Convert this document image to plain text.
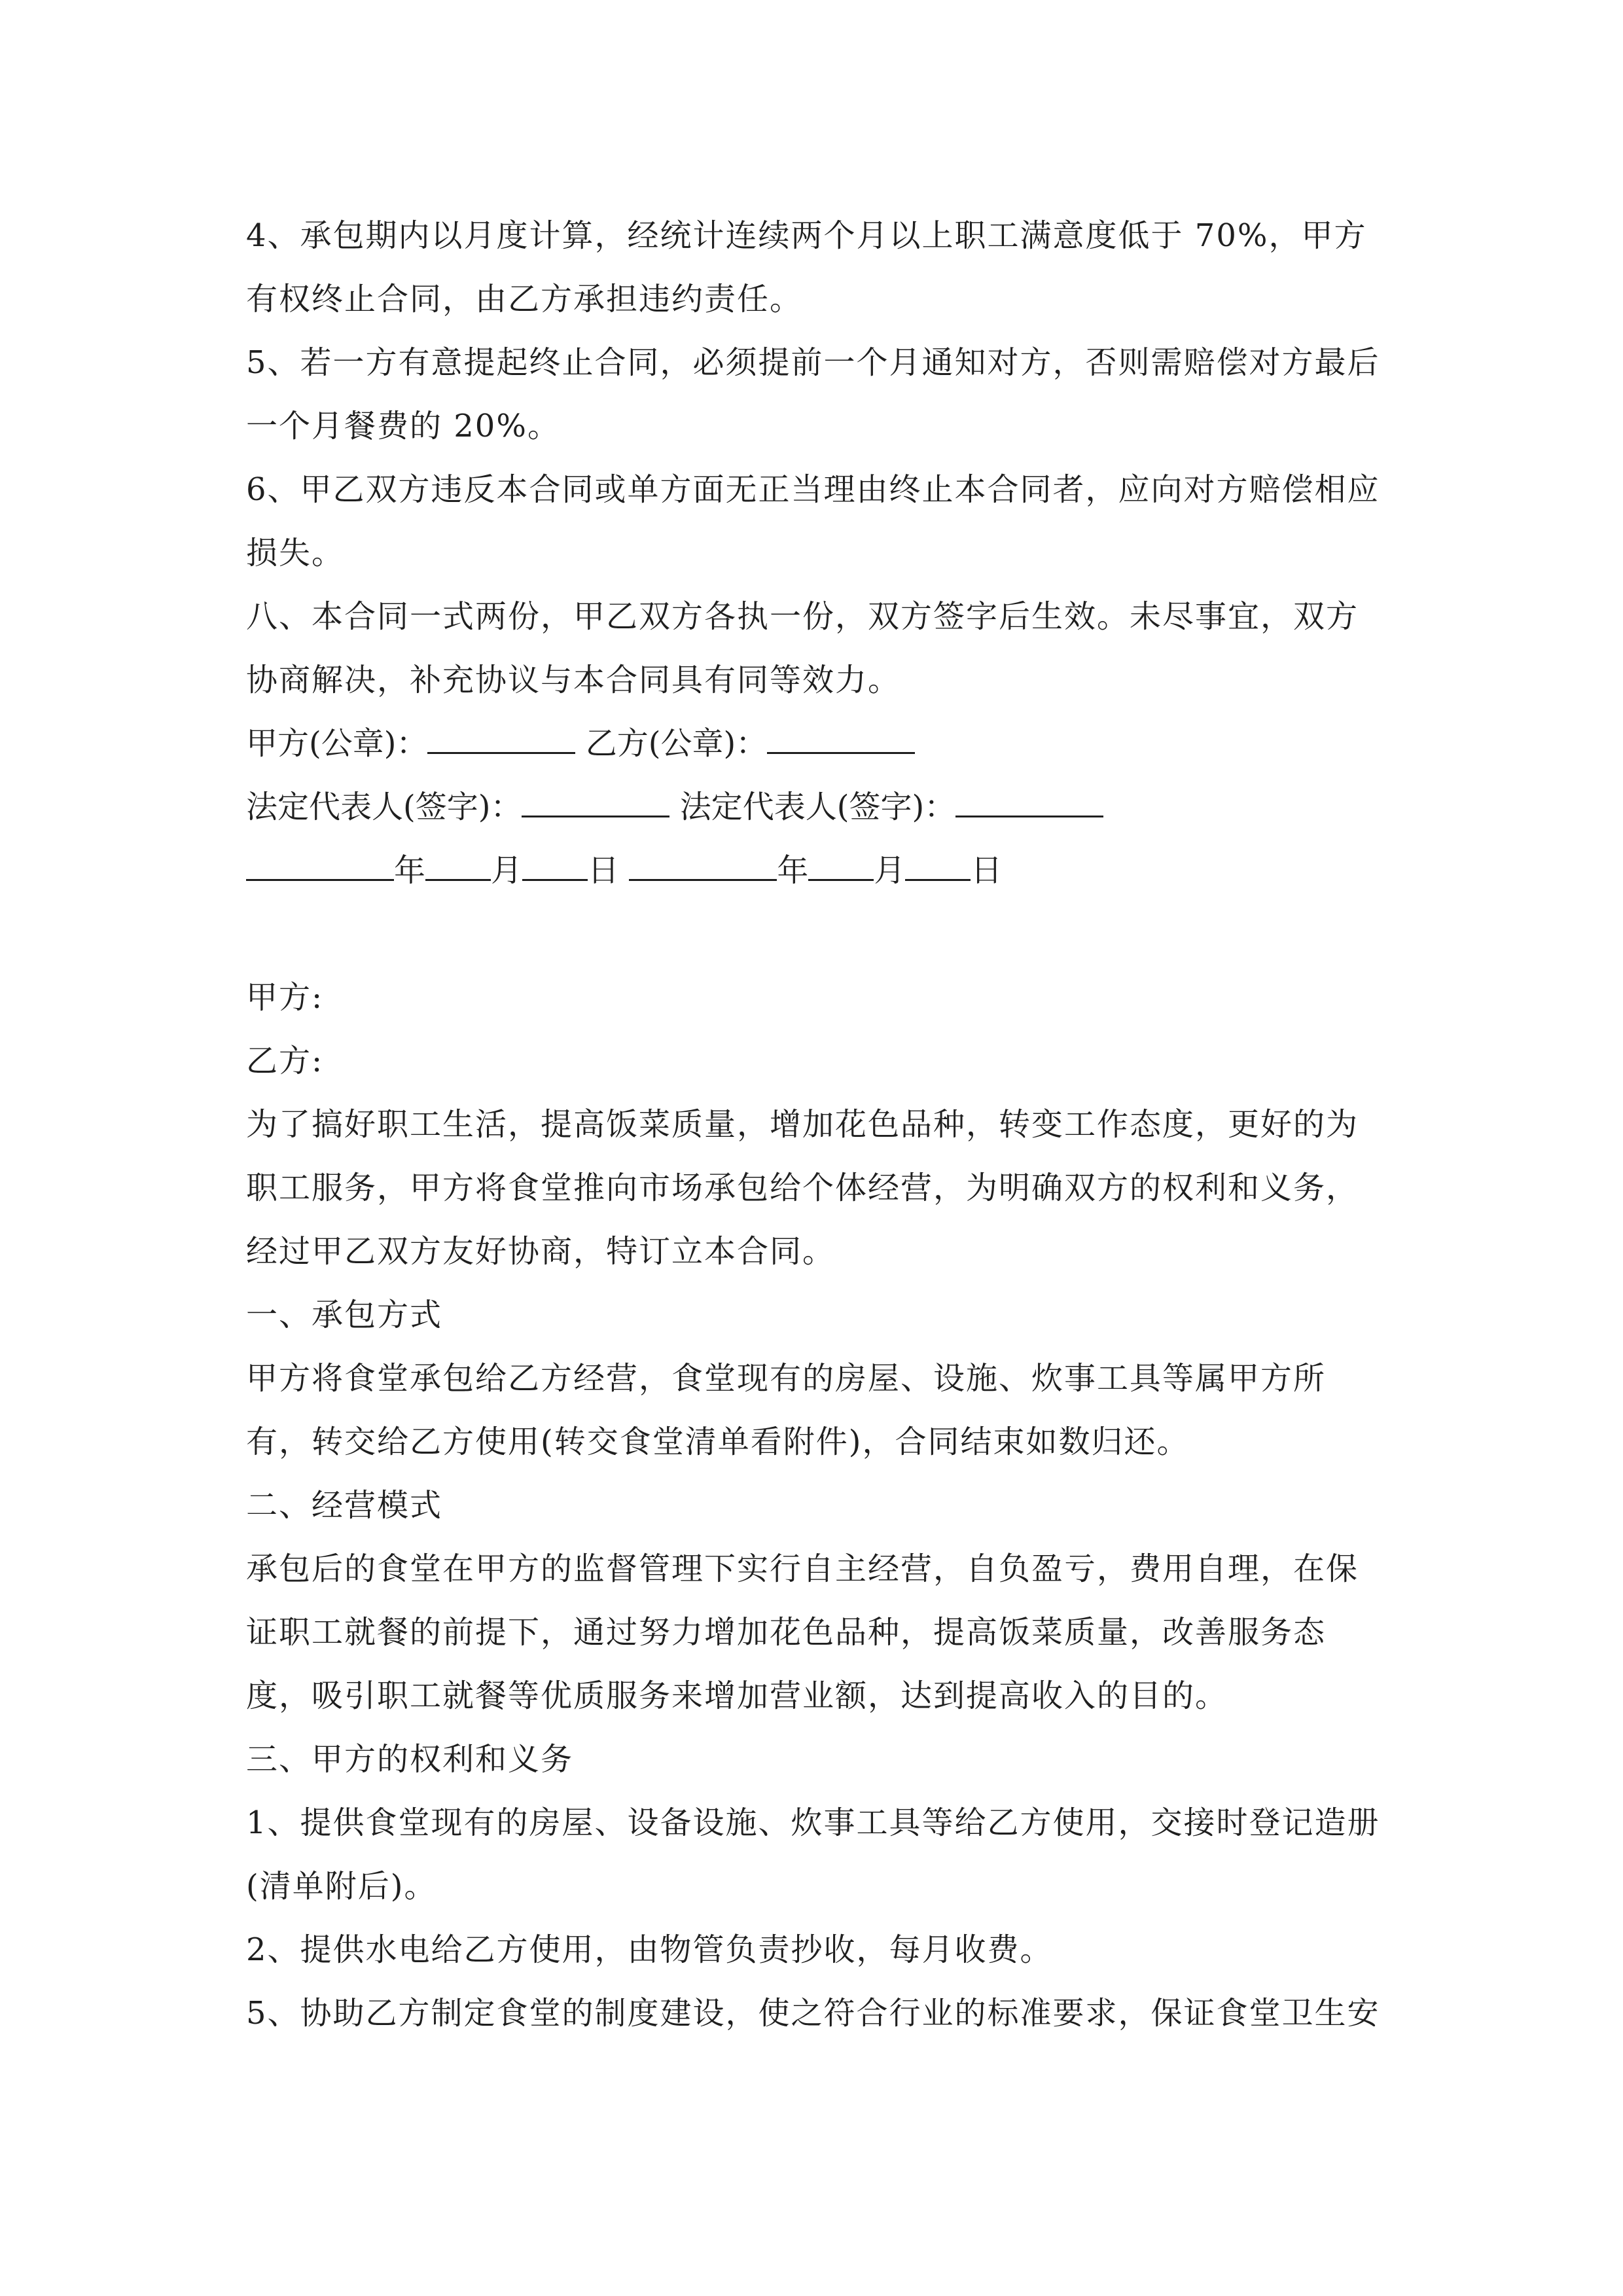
4、承包期内以月度计算，经统计连续两个月以上职工满意度低于 70%，甲方有权终止合同，由乙方承担违约责任。

5、若一方有意提起终止合同，必须提前一个月通知对方，否则需赔偿对方最后一个月餐费的 20%。

6、甲乙双方违反本合同或单方面无正当理由终止本合同者，应向对方赔偿相应损失。

八、本合同一式两份，甲乙双方各执一份，双方签字后生效。未尽事宜，双方协商解决，补充协议与本合同具有同等效力。

甲方(公章)：	乙方(公章)：

法定代表人(签字)：	法定代表人(签字)：

年 月 日	年 月 日

甲方:

乙方:

为了搞好职工生活，提高饭菜质量，增加花色品种，转变工作态度，更好的为职工服务，甲方将食堂推向市场承包给个体经营，为明确双方的权利和义务，经过甲乙双方友好协商，特订立本合同。

一、承包方式

甲方将食堂承包给乙方经营，食堂现有的房屋、设施、炊事工具等属甲方所有，转交给乙方使用(转交食堂清单看附件)，合同结束如数归还。

二、经营模式

承包后的食堂在甲方的监督管理下实行自主经营，自负盈亏，费用自理，在保证职工就餐的前提下，通过努力增加花色品种，提高饭菜质量，改善服务态度，吸引职工就餐等优质服务来增加营业额，达到提高收入的目的。

三、甲方的权利和义务

1、提供食堂现有的房屋、设备设施、炊事工具等给乙方使用，交接时登记造册(清单附后)。

2、提供水电给乙方使用，由物管负责抄收，每月收费。

5、协助乙方制定食堂的制度建设，使之符合行业的标准要求，保证食堂卫生安
